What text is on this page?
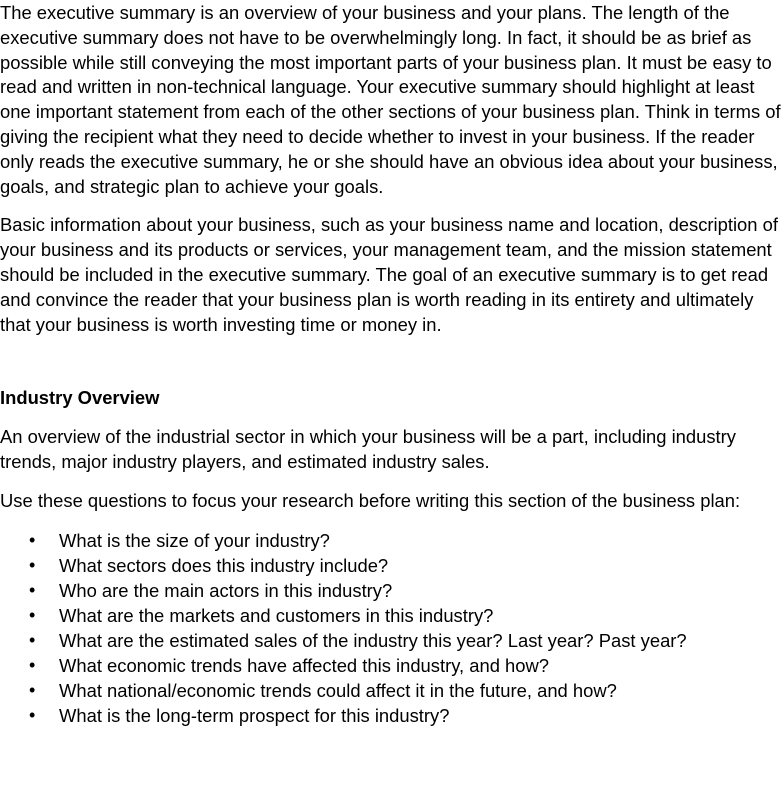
The executive summary is an overview of your business and your plans. The length of the executive summary does not have to be overwhelmingly long. In fact, it should be as brief as possible while still conveying the most important parts of your business plan. It must be easy to read and written in non-technical language. Your executive summary should highlight at least one important statement from each of the other sections of your business plan. Think in terms of giving the recipient what they need to decide whether to invest in your business. If the reader only reads the executive summary, he or she should have an obvious idea about your business, goals, and strategic plan to achieve your goals.

Basic information about your business, such as your business name and location, description of your business and its products or services, your management team, and the mission statement should be included in the executive summary. The goal of an executive summary is to get read and convince the reader that your business plan is worth reading in its entirety and ultimately that your business is worth investing time or money in.

Industry Overview

An overview of the industrial sector in which your business will be a part, including industry trends, major industry players, and estimated industry sales.

Use these questions to focus your research before writing this section of the business plan:

• What is the size of your industry?
• What sectors does this industry include?
• Who are the main actors in this industry?
• What are the markets and customers in this industry?
• What are the estimated sales of the industry this year? Last year? Past year?
• What economic trends have affected this industry, and how?
• What national/economic trends could affect it in the future, and how?
• What is the long-term prospect for this industry?
